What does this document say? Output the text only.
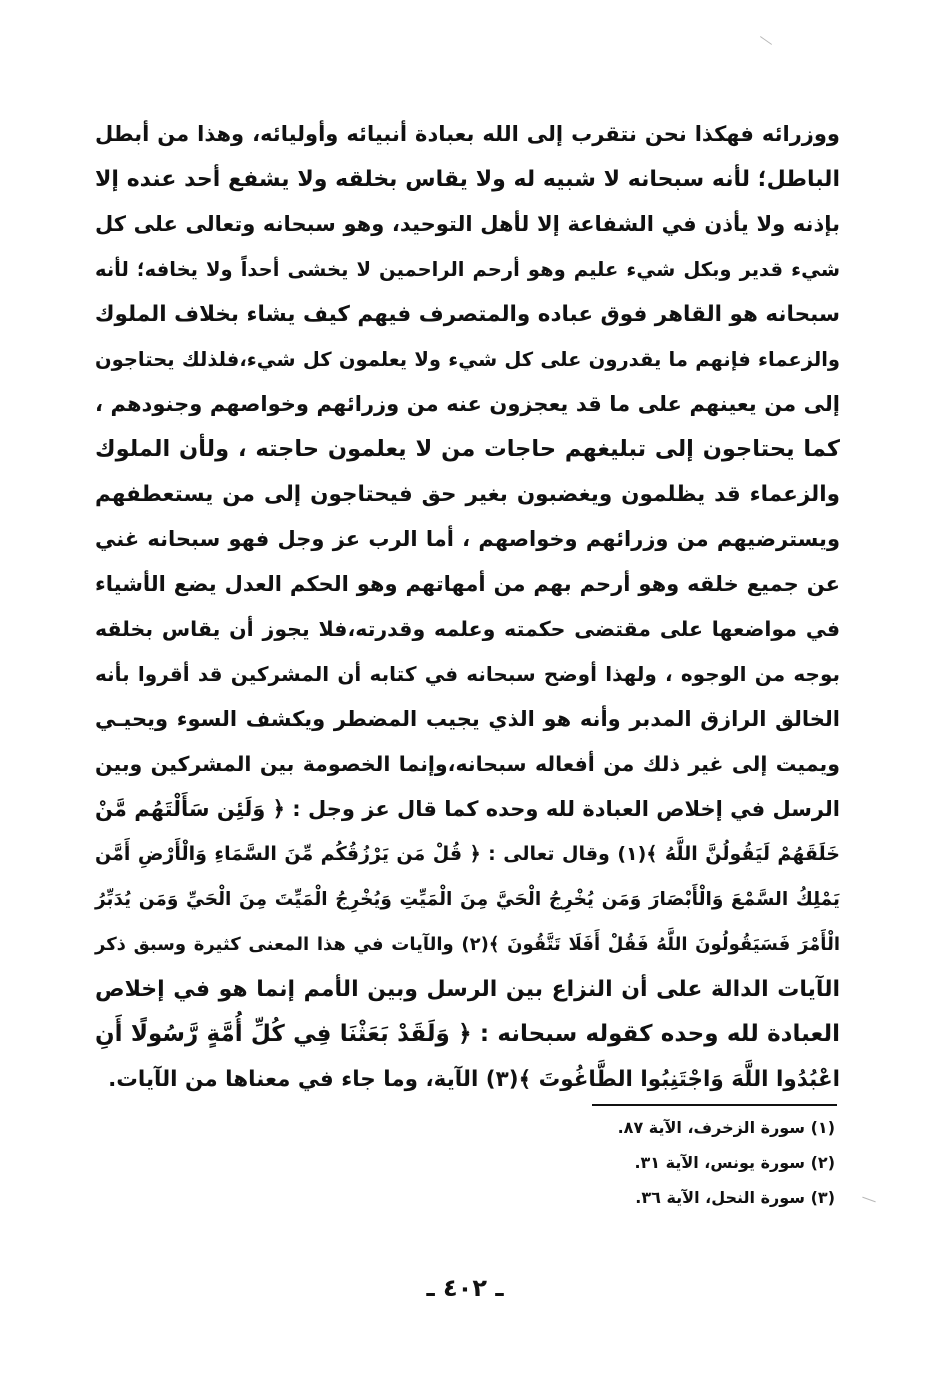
ووزرائه فهكذا نحن نتقرب إلى الله بعبادة أنبيائه وأوليائه، وهذا من أبطل
الباطل؛ لأنه سبحانه لا شبيه له ولا يقاس بخلقه ولا يشفع أحد عنده إلا
بإذنه ولا يأذن في الشفاعة إلا لأهل التوحيد، وهو سبحانه وتعالى على كل
شيء قدير وبكل شيء عليم وهو أرحم الراحمين لا يخشى أحداً ولا يخافه؛ لأنه
سبحانه هو القاهر فوق عباده والمتصرف فيهم كيف يشاء بخلاف الملوك
والزعماء فإنهم ما يقدرون على كل شيء ولا يعلمون كل شيء،فلذلك يحتاجون
إلى من يعينهم على ما قد يعجزون عنه من وزرائهم وخواصهم وجنودهم ،
كما يحتاجون إلى تبليغهم حاجات من لا يعلمون حاجته ، ولأن الملوك
والزعماء قد يظلمون ويغضبون بغير حق فيحتاجون إلى من يستعطفهم
ويسترضيهم من وزرائهم وخواصهم ، أما الرب عز وجل فهو سبحانه غني
عن جميع خلقه وهو أرحم بهم من أمهاتهم وهو الحكم العدل يضع الأشياء
في مواضعها على مقتضى حكمته وعلمه وقدرته،فلا يجوز أن يقاس بخلقه
بوجه من الوجوه ، ولهذا أوضح سبحانه في كتابه أن المشركين قد أقروا بأنه
الخالق الرازق المدبر وأنه هو الذي يجيب المضطر ويكشف السوء ويحيـي
ويميت إلى غير ذلك من أفعاله سبحانه،وإنما الخصومة بين المشركين وبين
الرسل في إخلاص العبادة لله وحده كما قال عز وجل : ﴿ وَلَئِن سَأَلْتَهُم مَّنْ
خَلَقَهُمْ لَيَقُولُنَّ اللَّهُ ﴾(١) وقال تعالى : ﴿ قُلْ مَن يَرْزُقُكُم مِّنَ السَّمَاءِ وَالْأَرْضِ أَمَّن
يَمْلِكُ السَّمْعَ وَالْأَبْصَارَ وَمَن يُخْرِجُ الْحَيَّ مِنَ الْمَيِّتِ وَيُخْرِجُ الْمَيِّتَ مِنَ الْحَيِّ وَمَن يُدَبِّرُ
الْأَمْرَ فَسَيَقُولُونَ اللَّهُ فَقُلْ أَفَلَا تَتَّقُونَ ﴾(٢) والآيات في هذا المعنى كثيرة وسبق ذكر
الآيات الدالة على أن النزاع بين الرسل وبين الأمم إنما هو في إخلاص
العبادة لله وحده كقوله سبحانه : ﴿ وَلَقَدْ بَعَثْنَا فِي كُلِّ أُمَّةٍ رَّسُولًا أَنِ
اعْبُدُوا اللَّهَ وَاجْتَنِبُوا الطَّاغُوتَ ﴾(٣) الآية، وما جاء في معناها من الآيات.
(١) سورة الزخرف، الآية ٨٧.
(٢) سورة يونس، الآية ٣١.
(٣) سورة النحل، الآية ٣٦.
ـ ٤٠٢ ـ
